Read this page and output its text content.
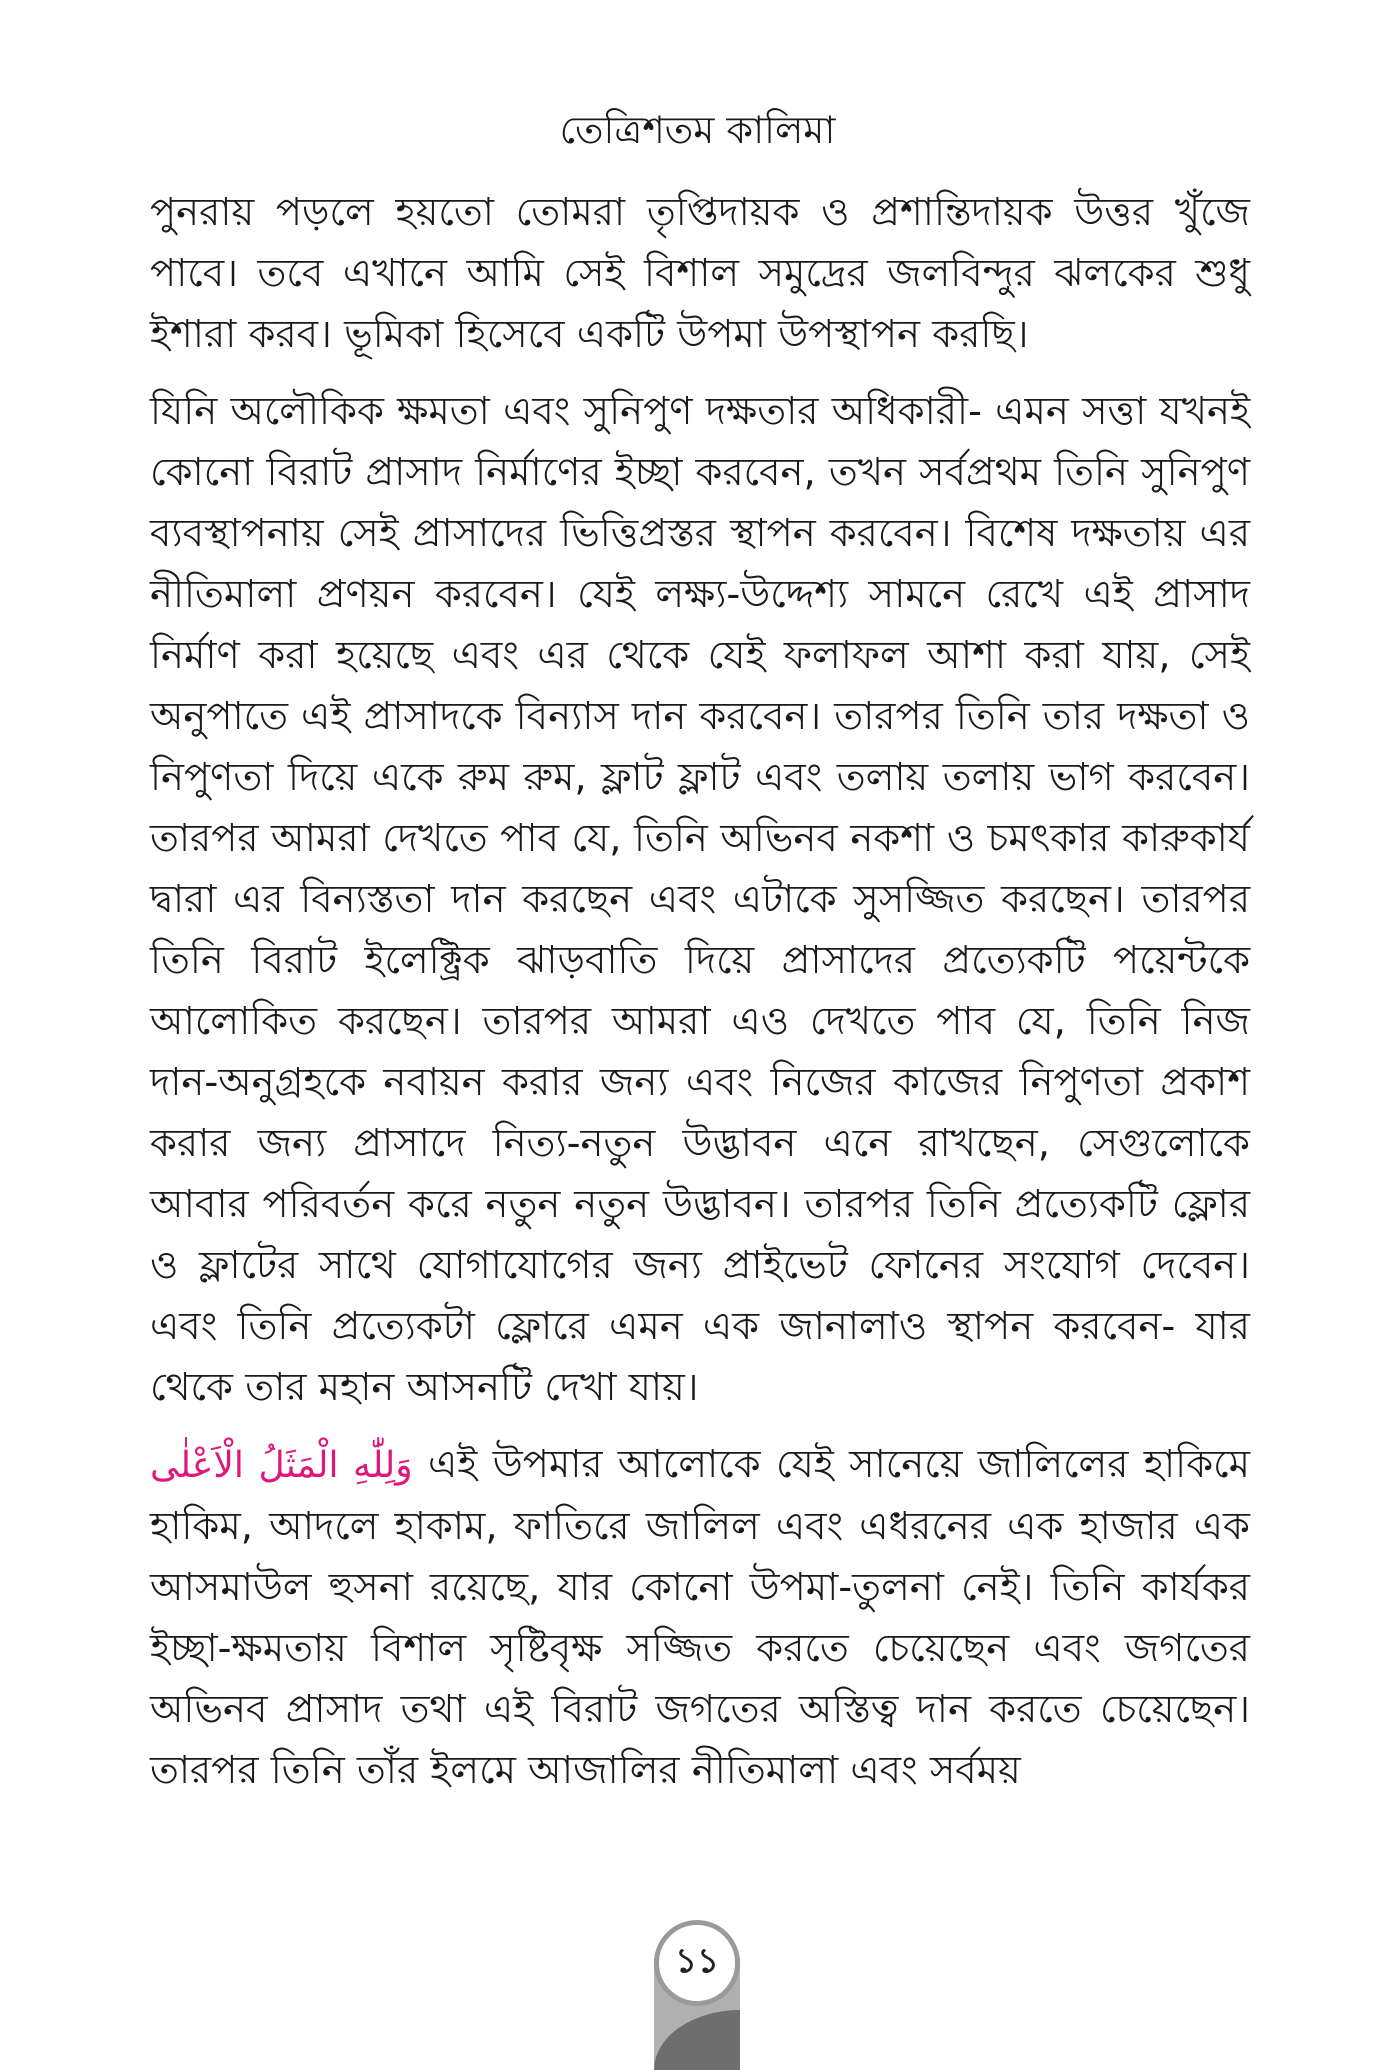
তেত্রিশতম কালিমা

পুনরায় পড়লে হয়তো তোমরা তৃপ্তিদায়ক ও প্রশান্তিদায়ক উত্তর খুঁজে পাবে। তবে এখানে আমি সেই বিশাল সমুদ্রের জলবিন্দুর ঝলকের শুধু ইশারা করব। ভূমিকা হিসেবে একটি উপমা উপস্থাপন করছি।

যিনি অলৌকিক ক্ষমতা এবং সুনিপুণ দক্ষতার অধিকারী- এমন সত্তা যখনই কোনো বিরাট প্রাসাদ নির্মাণের ইচ্ছা করবেন, তখন সর্বপ্রথম তিনি সুনিপুণ ব্যবস্থাপনায় সেই প্রাসাদের ভিত্তিপ্রস্তর স্থাপন করবেন। বিশেষ দক্ষতায় এর নীতিমালা প্রণয়ন করবেন। যেই লক্ষ্য-উদ্দেশ্য সামনে রেখে এই প্রাসাদ নির্মাণ করা হয়েছে এবং এর থেকে যেই ফলাফল আশা করা যায়, সেই অনুপাতে এই প্রাসাদকে বিন্যাস দান করবেন। তারপর তিনি তার দক্ষতা ও নিপুণতা দিয়ে একে রুম রুম, ফ্লাট ফ্লাট এবং তলায় তলায় ভাগ করবেন। তারপর আমরা দেখতে পাব যে, তিনি অভিনব নকশা ও চমৎকার কারুকার্য দ্বারা এর বিন্যস্ততা দান করছেন এবং এটাকে সুসজ্জিত করছেন। তারপর তিনি বিরাট ইলেক্ট্রিক ঝাড়বাতি দিয়ে প্রাসাদের প্রত্যেকটি পয়েন্টকে আলোকিত করছেন। তারপর আমরা এও দেখতে পাব যে, তিনি নিজ দান-অনুগ্রহকে নবায়ন করার জন্য এবং নিজের কাজের নিপুণতা প্রকাশ করার জন্য প্রাসাদে নিত্য-নতুন উদ্ভাবন এনে রাখছেন, সেগুলোকে আবার পরিবর্তন করে নতুন নতুন উদ্ভাবন। তারপর তিনি প্রত্যেকটি ফ্লোর ও ফ্লাটের সাথে যোগাযোগের জন্য প্রাইভেট ফোনের সংযোগ দেবেন। এবং তিনি প্রত্যেকটা ফ্লোরে এমন এক জানালাও স্থাপন করবেন- যার থেকে তার মহান আসনটি দেখা যায়।

وَلِلّٰهِ الْمَثَلُ الْاَعْلٰى এই উপমার আলোকে যেই সানেয়ে জালিলের হাকিমে হাকিম, আদলে হাকাম, ফাতিরে জালিল এবং এধরনের এক হাজার এক আসমাউল হুসনা রয়েছে, যার কোনো উপমা-তুলনা নেই। তিনি কার্যকর ইচ্ছা-ক্ষমতায় বিশাল সৃষ্টিবৃক্ষ সজ্জিত করতে চেয়েছেন এবং জগতের অভিনব প্রাসাদ তথা এই বিরাট জগতের অস্তিত্ব দান করতে চেয়েছেন। তারপর তিনি তাঁর ইলমে আজালির নীতিমালা এবং সর্বময়

১১
